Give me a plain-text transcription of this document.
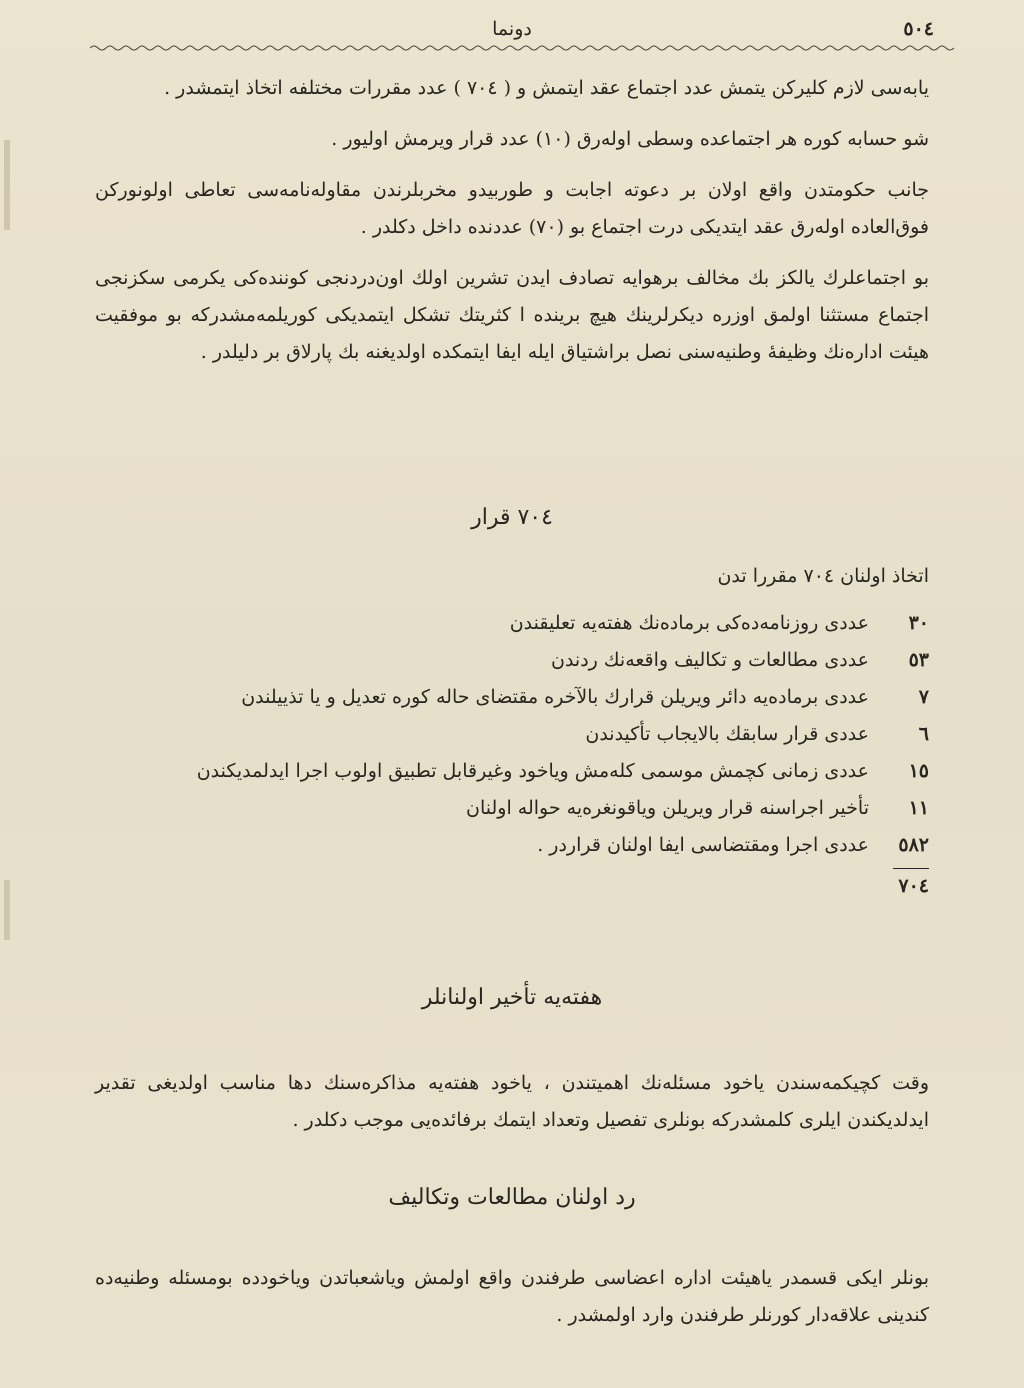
٥٠٤
دونما

یابه‌سی لازم کلیرکن یتمش عدد اجتماع عقد ایتمش و ( ٧٠٤ ) عدد مقررات مختلفه اتخاذ ایتمشدر .

شو حسابه کوره هر اجتماعده وسطی اوله‌رق (١٠) عدد قرار ویرمش اولیور .

جانب حکومتدن واقع اولان بر دعوته اجابت و طوربیدو مخربلرندن مقاوله‌نامه‌سی تعاطی اولونورکن فوق‌العاده اوله‌رق عقد ایتدیکی درت اجتماع بو (٧٠) عددنده داخل دکلدر .

بو اجتماعلرك یالکز بك مخالف برهوایه تصادف ایدن تشرین اولك اون‌دردنجی کوننده‌کی یکرمی سکزنجی اجتماع مستثنا اولمق اوزره دیکرلرینك هیچ برینده ا کثریتك تشکل ایتمدیکی کوریلمه‌مشدرکه بو موفقیت هیئت اداره‌نك وظیفهٔ وطنیه‌سنی نصل براشتیاق ایله ایفا ایتمکده اولدیغنه بك پارلاق بر دلیلدر .

٧٠٤ قرار
اتخاذ اولنان ٧٠٤ مقررا تدن
٣٠
عددی روزنامه‌ده‌کی برماده‌نك هفته‌یه تعلیقندن
٥٣
عددی مطالعات و تکالیف واقعه‌نك ردندن
٧
عددی برماده‌یه دائر ویریلن قرارك بالآخره مقتضای حاله کوره تعدیل و یا تذییلندن
٦
عددی قرار سابقك بالایجاب تأکیدندن
١٥
عددی زمانی کچمش موسمی کله‌مش ویاخود وغیرقابل تطبیق اولوب اجرا ایدلمدیکندن
١١
تأخیر اجراسنه قرار ویریلن ویاقونغره‌یه حواله اولنان
٥٨٢
عددی اجرا ومقتضاسی ایفا اولنان قراردر .
٧٠٤
هفته‌یه تأخیر اولنانلر

وقت کچیکمه‌سندن یاخود مسئله‌نك اهمیتندن ، یاخود هفته‌یه مذاکره‌سنك دها مناسب اولدیغی تقدیر ایدلدیکندن ایلری کلمشدرکه بونلری تفصیل وتعداد ایتمك برفائده‌یی موجب دکلدر .

رد اولنان مطالعات وتکالیف

بونلر ایکی قسمدر یاهیئت اداره اعضاسی طرفندن واقع اولمش ویاشعباتدن ویاخودده بومسئله وطنیه‌ده کندینی علاقه‌دار کورنلر طرفندن وارد اولمشدر .
